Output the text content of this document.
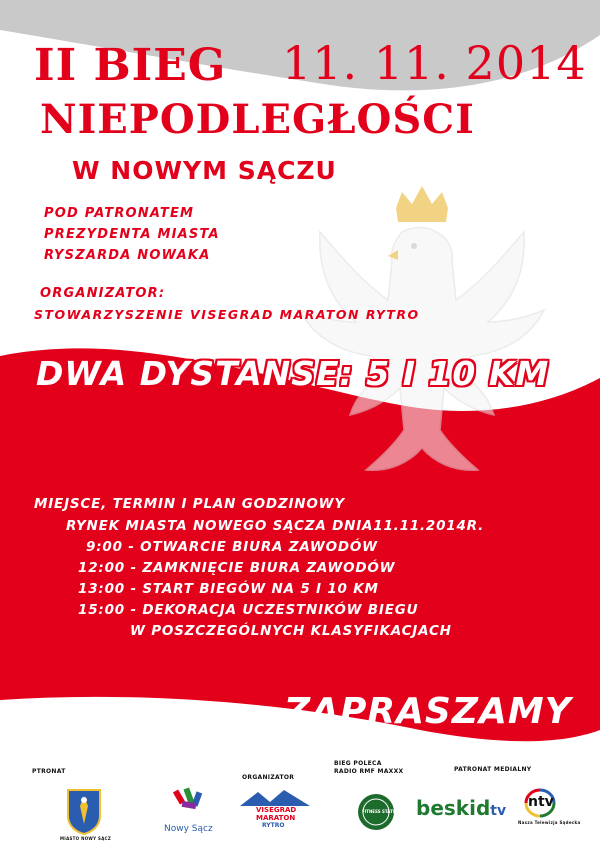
II BIEG 11. 11. 2014
NIEPODLEGŁOŚCI
W NOWYM SĄCZU
POD PATRONATEM
PREZYDENTA MIASTA
RYSZARDA NOWAKA
ORGANIZATOR:
STOWARZYSZENIE VISEGRAD MARATON RYTRO
DWA DYSTANSE: 5 I 10 KM
MIEJSCE, TERMIN I PLAN GODZINOWY
RYNEK MIASTA NOWEGO SĄCZA DNIA11.11.2014R.
9:00 - OTWARCIE BIURA ZAWODÓW
12:00 - ZAMKNIĘCIE BIURA ZAWODÓW
13:00 - START BIEGÓW NA 5 I 10 KM
15:00 - DEKORACJA UCZESTNIKÓW BIEGU
W POSZCZEGÓLNYCH KLASYFIKACJACH
ZAPISY:
WWW.VISEGRADMARATON.INFO ZAPRASZAMY
PTRONAT
ORGANIZATOR
BIEG POLECA
RADIO RMF MAXXX	PATRONAT MEDIALNY
MIASTO NOWY SĄCZ
Nowy Sącz
VISEGRAD
MARATON
RYTRO
FITNESS STATION beskidtv
ntv
Nasza Telewizja Sądecka
